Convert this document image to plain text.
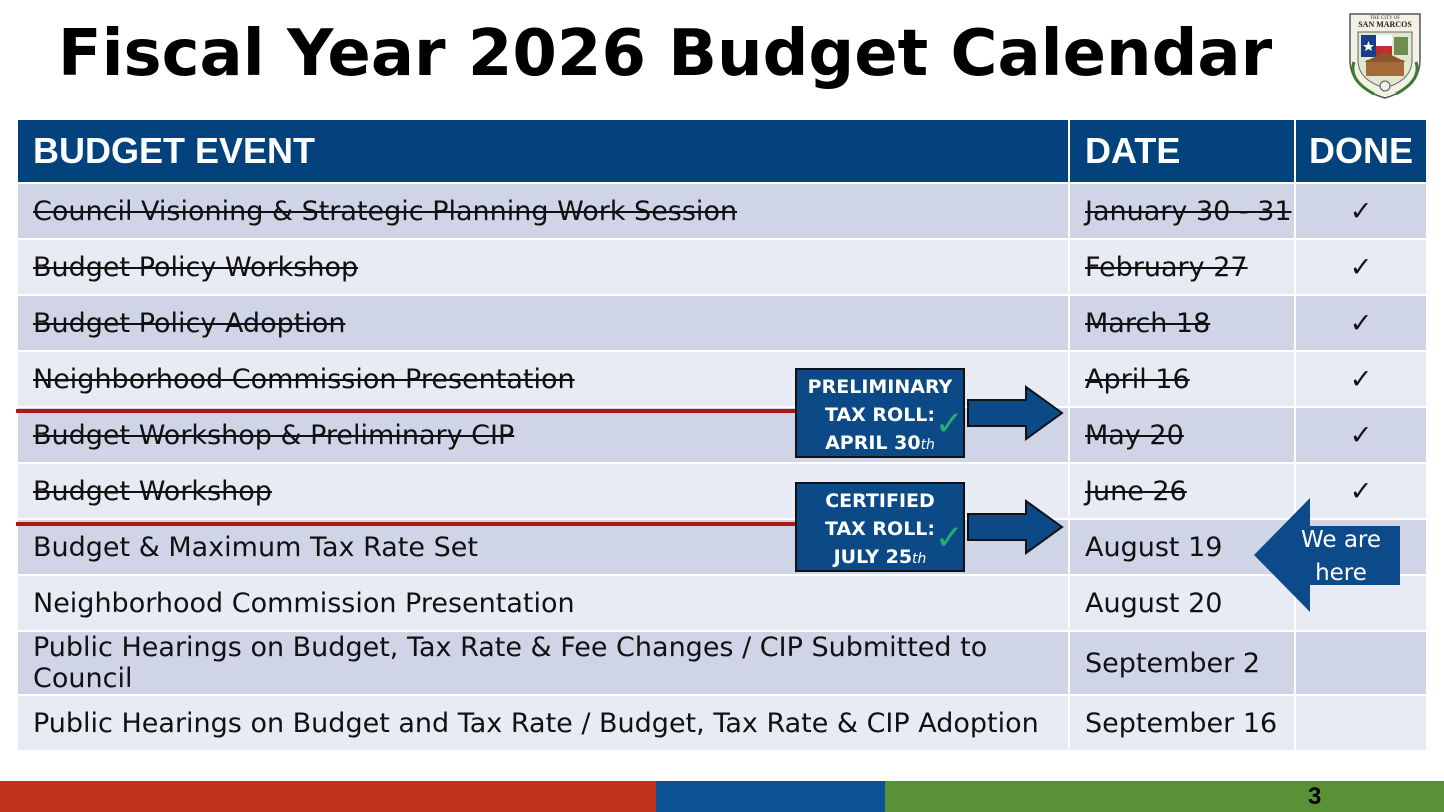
Fiscal Year 2026 Budget Calendar	THE CITY OF
SAN MARCOS
BUDGET EVENT	DATE	DONE
Council Visioning & Strategic Planning Work Session	January 30 - 31	✓
Budget Policy Workshop	February 27	✓
Budget Policy Adoption	March 18	✓
Neighborhood Commission Presentation	April 16	✓
Budget Workshop & Preliminary CIP	May 20	✓
Budget Workshop	June 26	✓
Budget & Maximum Tax Rate Set	August 19	
Neighborhood Commission Presentation	August 20	
Public Hearings on Budget, Tax Rate & Fee Changes / CIP Submitted to Council	September 2	
Public Hearings on Budget and Tax Rate / Budget, Tax Rate & CIP Adoption	September 16	
PRELIMINARY
TAX ROLL:
APRIL 30th
✓
CERTIFIED
TAX ROLL:
JULY 25th
✓	We are
here
3
